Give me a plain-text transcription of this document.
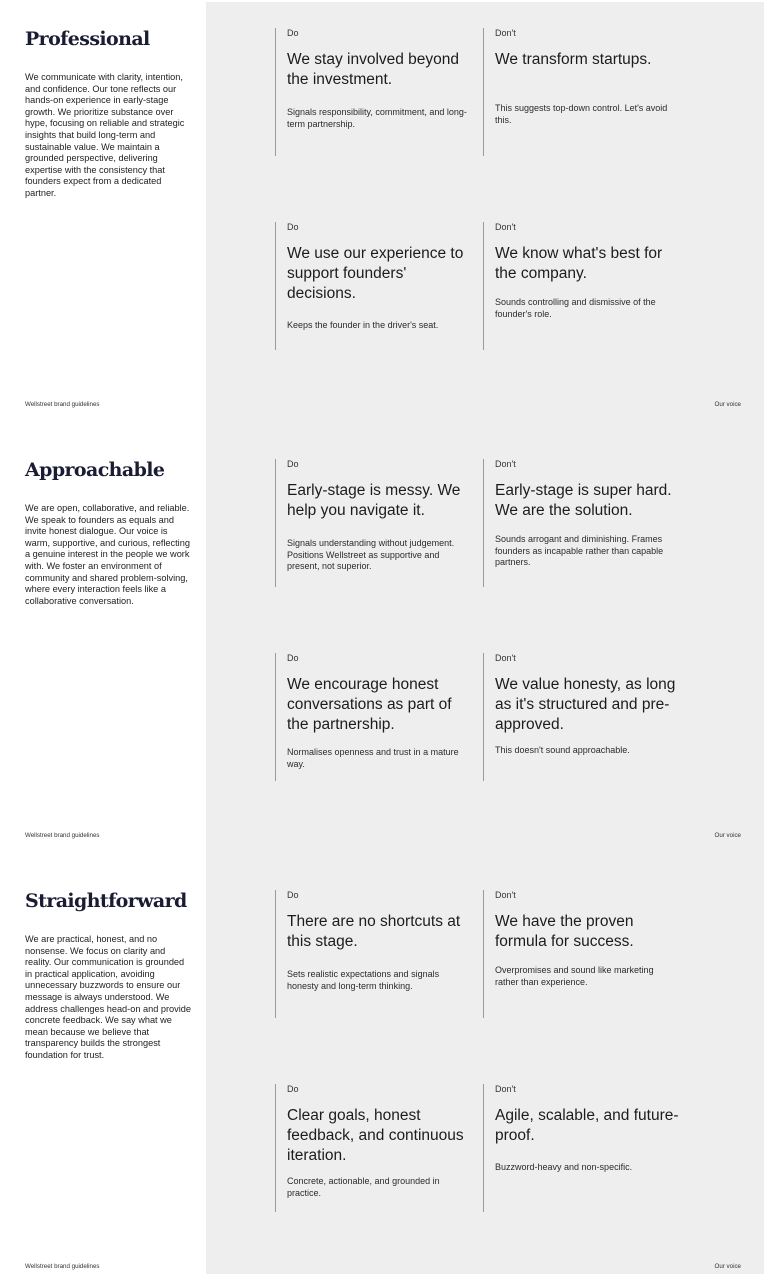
Professional

We communicate with clarity, intention, and confidence. Our tone reflects our hands-on experience in early-stage growth. We prioritize substance over hype, focusing on reliable and strategic insights that build long-term and sustainable value. We maintain a grounded perspective, delivering expertise with the consistency that founders expect from a dedicated partner.

Wellstreet brand guidelines
Do
We stay involved beyond the investment.
Signals responsibility, commitment, and long-term partnership.
Don't
We transform startups.
This suggests top-down control. Let's avoid this.
Do
We use our experience to support founders' decisions.
Keeps the founder in the driver's seat.
Don't
We know what's best for the company.
Sounds controlling and dismissive of the founder's role.
Our voice
Approachable

We are open, collaborative, and reliable. We speak to founders as equals and invite honest dialogue. Our voice is warm, supportive, and curious, reflecting a genuine interest in the people we work with. We foster an environment of community and shared problem-solving, where every interaction feels like a collaborative conversation.

Wellstreet brand guidelines
Do
Early-stage is messy. We help you navigate it.
Signals understanding without judgement. Positions Wellstreet as supportive and present, not superior.
Don't
Early-stage is super hard. We are the solution.
Sounds arrogant and diminishing. Frames founders as incapable rather than capable partners.
Do
We encourage honest conversations as part of the partnership.
Normalises openness and trust in a mature way.
Don't
We value honesty, as long as it's structured and pre-approved.
This doesn't sound approachable.
Our voice
Straightforward

We are practical, honest, and no nonsense. We focus on clarity and reality. Our communication is grounded in practical application, avoiding unnecessary buzzwords to ensure our message is always understood. We address challenges head-on and provide concrete feedback. We say what we mean because we believe that transparency builds the strongest foundation for trust.

Wellstreet brand guidelines
Do
There are no shortcuts at this stage.
Sets realistic expectations and signals honesty and long-term thinking.
Don't
We have the proven formula for success.
Overpromises and sound like marketing rather than experience.
Do
Clear goals, honest feedback, and continuous iteration.
Concrete, actionable, and grounded in practice.
Don't
Agile, scalable, and future-proof.
Buzzword-heavy and non-specific.
Our voice
